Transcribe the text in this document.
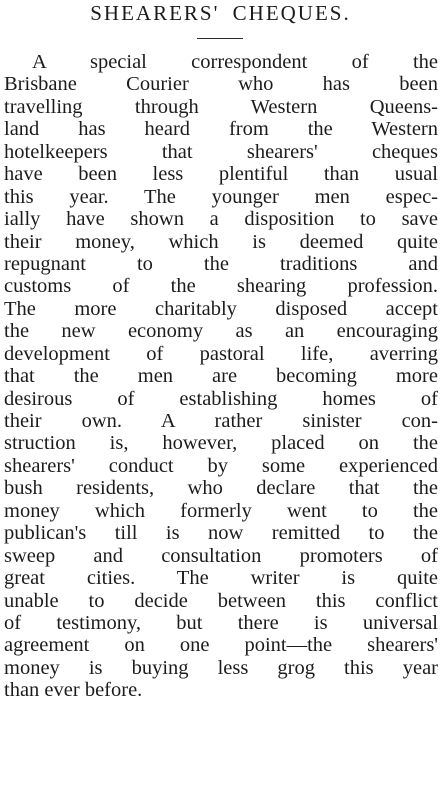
SHEARERS' CHEQUES.
A special correspondent of the
Brisbane Courier who has been
travelling through Western Queens-
land has heard from the Western
hotelkeepers that shearers' cheques
have been less plentiful than usual
this year. The younger men espec-
ially have shown a disposition to save
their money, which is deemed quite
repugnant to the traditions and
customs of the shearing profession.
The more charitably disposed accept
the new economy as an encouraging
development of pastoral life, averring
that the men are becoming more
desirous of establishing homes of
their own. A rather sinister con-
struction is, however, placed on the
shearers' conduct by some experienced
bush residents, who declare that the
money which formerly went to the
publican's till is now remitted to the
sweep and consultation promoters of
great cities. The writer is quite
unable to decide between this conflict
of testimony, but there is universal
agreement on one point—the shearers'
money is buying less grog this year
than ever before.
